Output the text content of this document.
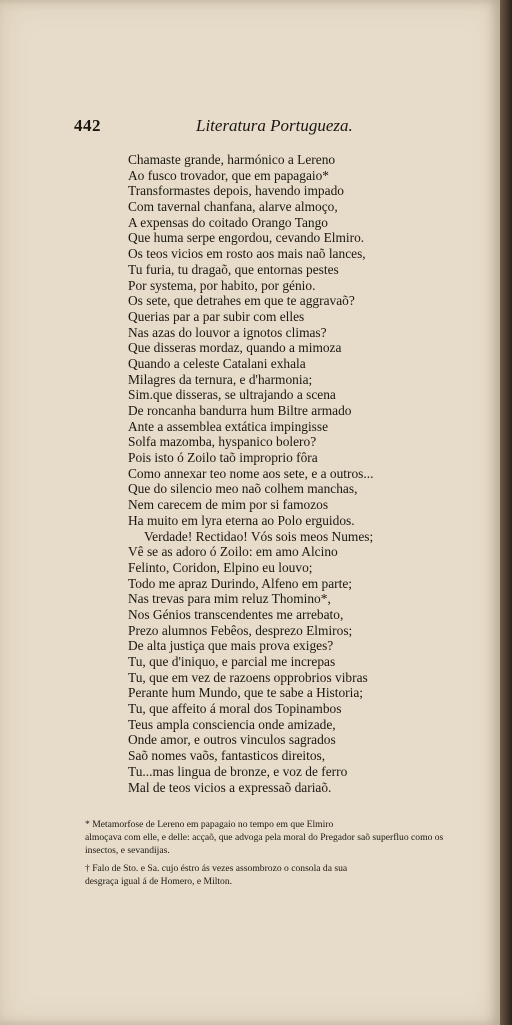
442	Literatura Portugueza.
Chamaste grande, harmónico a Lereno
Ao fusco trovador, que em papagaio*
Transformastes depois, havendo impado
Com tavernal chanfana, alarve almoço,
A expensas do coitado Orango Tango
Que huma serpe engordou, cevando Elmiro.
Os teos vicios em rosto aos mais naõ lances,
Tu furia, tu dragaõ, que entornas pestes
Por systema, por habito, por génio.
Os sete, que detrahes em que te aggravaõ?
Querias par a par subir com elles
Nas azas do louvor a ignotos climas?
Que disseras mordaz, quando a mimoza
Quando a celeste Catalani exhala
Milagres da ternura, e d'harmonia;
Sim.que disseras, se ultrajando a scena
De roncanha bandurra hum Biltre armado
Ante a assemblea extática impingisse
Solfa mazomba, hyspanico bolero?
Pois isto ó Zoilo taõ improprio fôra
Como annexar teo nome aos sete, e a outros...
Que do silencio meo naõ colhem manchas,
Nem carecem de mim por si famozos
Ha muito em lyra eterna ao Polo erguidos.
Verdade! Rectidao! Vós sois meos Numes;
Vê se as adoro ó Zoilo: em amo Alcino
Felinto, Coridon, Elpino eu louvo;
Todo me apraz Durindo, Alfeno em parte;
Nas trevas para mim reluz Thomino*,
Nos Génios transcendentes me arrebato,
Prezo alumnos Febêos, desprezo Elmiros;
De alta justiça que mais prova exiges?
Tu, que d'iniquo, e parcial me increpas
Tu, que em vez de razoens opprobrios vibras
Perante hum Mundo, que te sabe a Historia;
Tu, que affeito á moral dos Topinambos
Teus ampla consciencia onde amizade,
Onde amor, e outros vinculos sagrados
Saõ nomes vaõs, fantasticos direitos,
Tu...mas lingua de bronze, e voz de ferro
Mal de teos vicios a expressaõ dariaõ.

* Metamorfose de Lereno em papagaio no tempo em que Elmiro
almoçava com elle, e delle: acçaõ, que advoga pela moral do Pregador saõ superfluo como os insectos, e sevandijas.

† Falo de Sto. e Sa. cujo éstro ás vezes assombrozo o consola da sua
desgraça igual á de Homero, e Milton.
